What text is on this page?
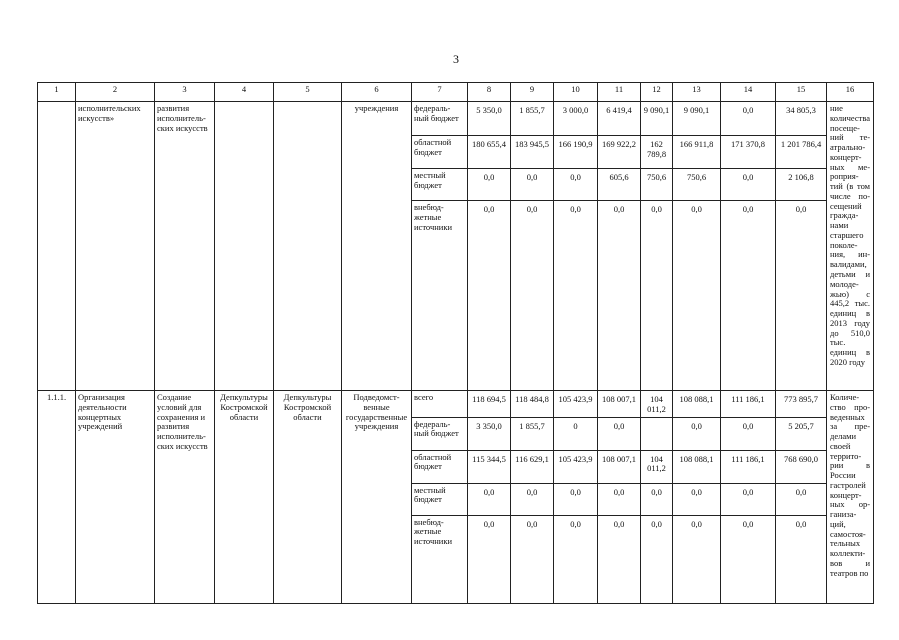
3
1	2	3	4	5	6	7	8	9	10	11	12	13	14	15	16
	исполнительских искусств»	развития исполнитель-ских искусств			учреждения	федераль-ный бюджет	5 350,0	1 855,7	3 000,0	6 419,4	9 090,1	9 090,1	0,0	34 805,3	ние количества посеще-ний те-атрально-концерт-ных ме-роприя-тий (в том числе по-сещений гражда-нами старшего поколе-ния, ин-валидами, детьми и молоде-жью) с 445,2 тыс. единиц в 2013 году до 510,0 тыс. единиц в 2020 году
						областной бюджет	180 655,4	183 945,5	166 190,9	169 922,2	162 789,8	166 911,8	171 370,8	1 201 786,4	
						местный бюджет	0,0	0,0	0,0	605,6	750,6	750,6	0,0	2 106,8	
						внебюд-жетные источники	0,0	0,0	0,0	0,0	0,0	0,0	0,0	0,0	
1.1.1.	Организация деятельности концертных учреждений	Создание условий для сохранения и развития исполнитель-ских искусств	Депкультуры Костромской области	Депкультуры Костромской области	Подведомст-венные государственные учреждения	всего	118 694,5	118 484,8	105 423,9	108 007,1	104 011,2	108 088,1	111 186,1	773 895,7	Количе-ство про-веденных за пре-делами своей террито-рии в России гастролей концерт-ных ор-ганиза-ций, самостоя-тельных коллекти-вов и театров по
						федераль-ный бюджет	3 350,0	1 855,7	0	0,0		0,0	0,0	5 205,7	
						областной бюджет	115 344,5	116 629,1	105 423,9	108 007,1	104 011,2	108 088,1	111 186,1	768 690,0	
						местный бюджет	0,0	0,0	0,0	0,0	0,0	0,0	0,0	0,0	
						внебюд-жетные источники	0,0	0,0	0,0	0,0	0,0	0,0	0,0	0,0	
